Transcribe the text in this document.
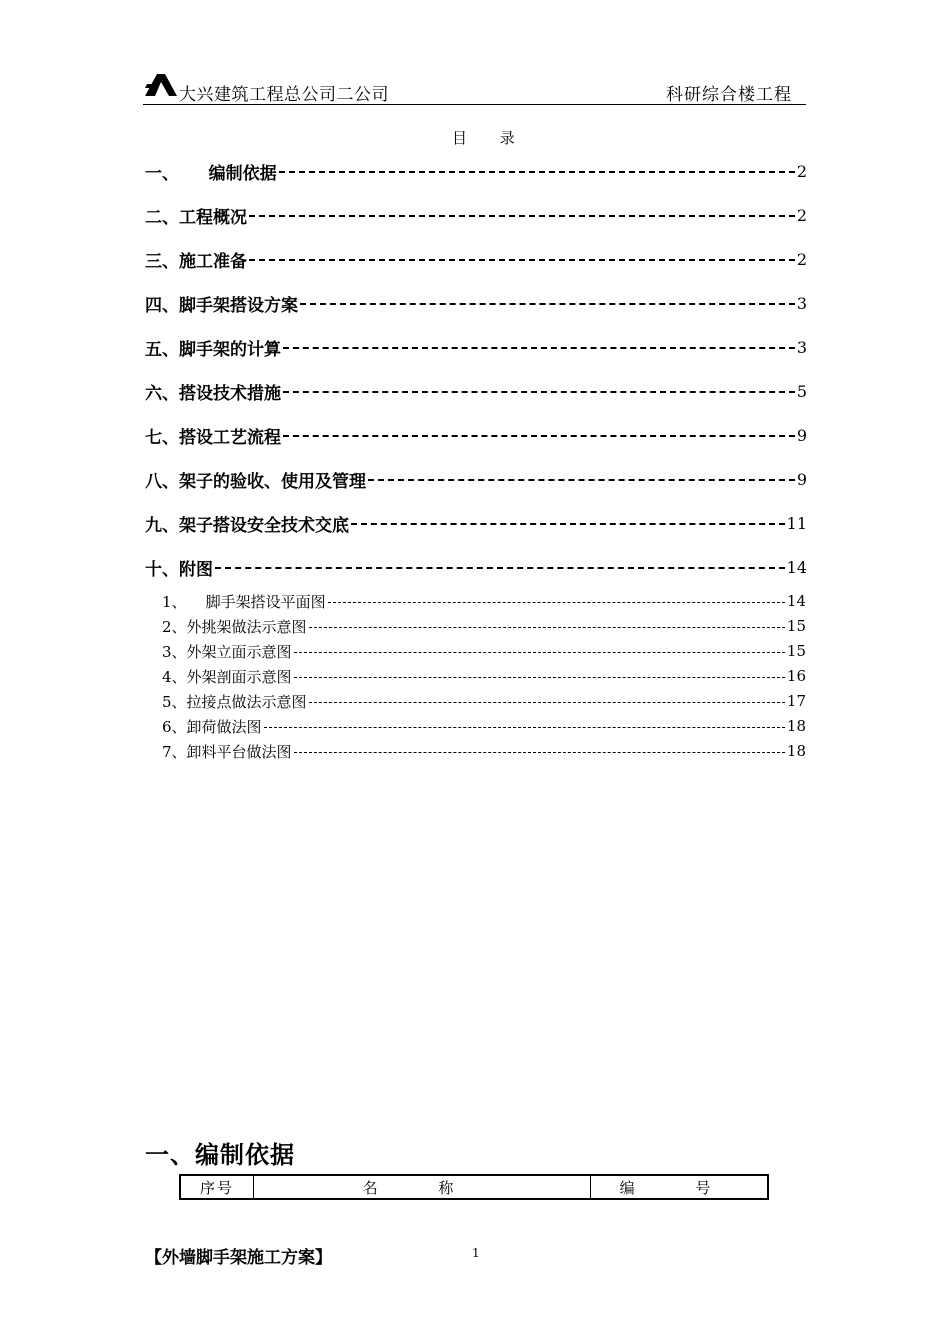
大兴建筑工程总公司二公司	科研综合楼工程
目 录
一、     编制依据	2
二、工程概况	2
三、施工准备	2
四、脚手架搭设方案	3
五、脚手架的计算	3
六、搭设技术措施	5
七、搭设工艺流程	9
八、架子的验收、使用及管理	9
九、架子搭设安全技术交底	11
十、附图	14
1、    脚手架搭设平面图	14
2、外挑架做法示意图	15
3、外架立面示意图	15
4、外架剖面示意图	16
5、拉接点做法示意图	17
6、卸荷做法图	18
7、卸料平台做法图	18
一、编制依据
序号	名 称	编 号
【外墙脚手架施工方案】	1
